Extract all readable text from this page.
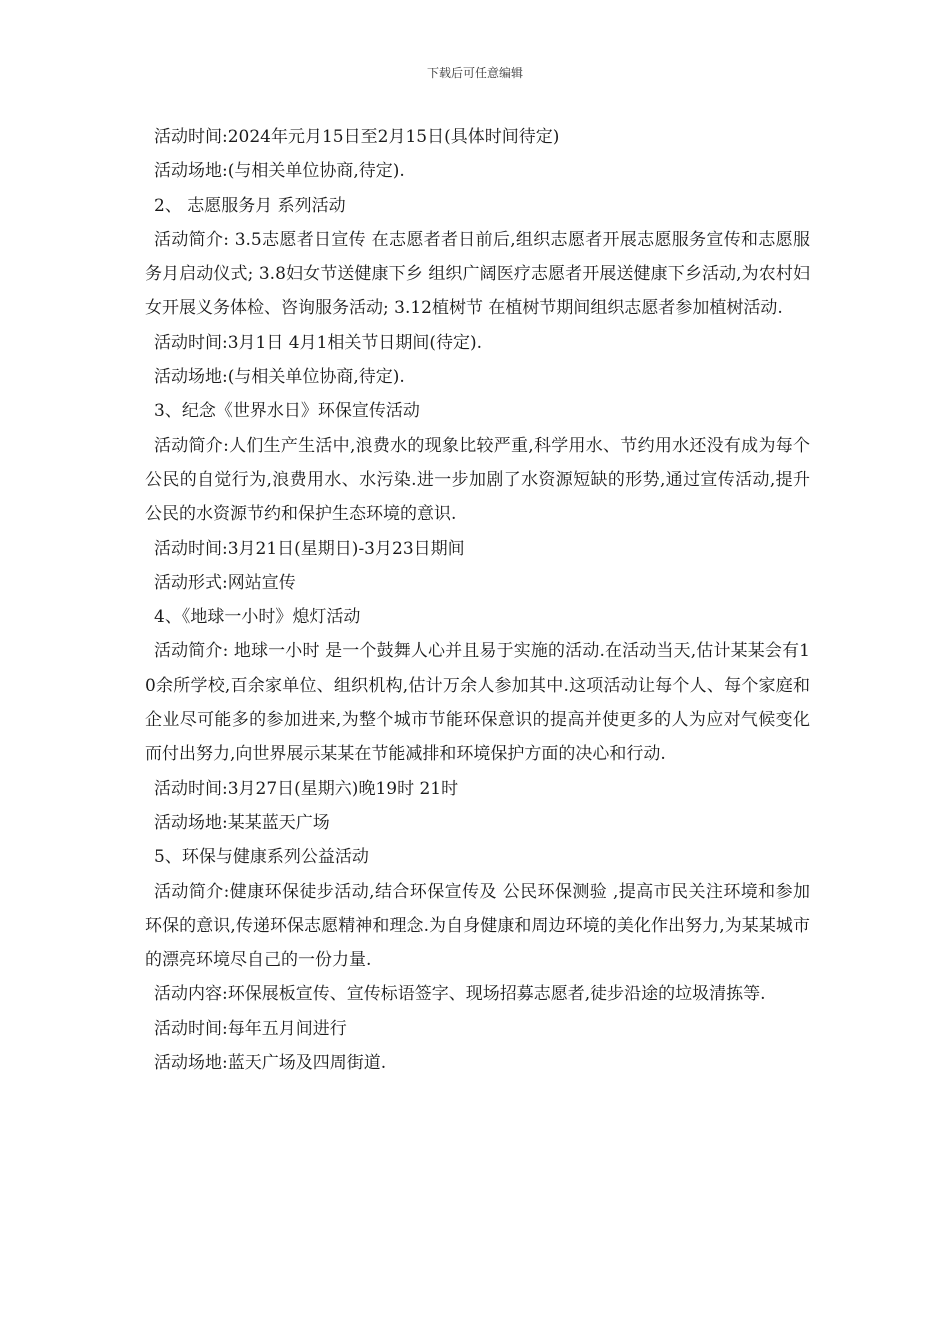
下载后可任意编辑

活动时间:2024年元月15日至2月15日(具体时间待定)

活动场地:(与相关单位协商,待定).

2、 志愿服务月 系列活动

活动简介: 3.5志愿者日宣传 在志愿者者日前后,组织志愿者开展志愿服务宣传和志愿服务月启动仪式; 3.8妇女节送健康下乡 组织广阔医疗志愿者开展送健康下乡活动,为农村妇女开展义务体检、咨询服务活动; 3.12植树节 在植树节期间组织志愿者参加植树活动.

活动时间:3月1日 4月1相关节日期间(待定).

活动场地:(与相关单位协商,待定).

3、纪念《世界水日》环保宣传活动

活动简介:人们生产生活中,浪费水的现象比较严重,科学用水、节约用水还没有成为每个公民的自觉行为,浪费用水、水污染.进一步加剧了水资源短缺的形势,通过宣传活动,提升公民的水资源节约和保护生态环境的意识.

活动时间:3月21日(星期日)-3月23日期间

活动形式:网站宣传

4、《地球一小时》熄灯活动

活动简介: 地球一小时 是一个鼓舞人心并且易于实施的活动.在活动当天,估计某某会有10余所学校,百余家单位、组织机构,估计万余人参加其中.这项活动让每个人、每个家庭和企业尽可能多的参加进来,为整个城市节能环保意识的提高并使更多的人为应对气候变化而付出努力,向世界展示某某在节能减排和环境保护方面的决心和行动.

活动时间:3月27日(星期六)晚19时 21时

活动场地:某某蓝天广场

5、环保与健康系列公益活动

活动简介:健康环保徒步活动,结合环保宣传及 公民环保测验 ,提高市民关注环境和参加环保的意识,传递环保志愿精神和理念.为自身健康和周边环境的美化作出努力,为某某城市的漂亮环境尽自己的一份力量.

活动内容:环保展板宣传、宣传标语签字、现场招募志愿者,徒步沿途的垃圾清拣等.

活动时间:每年五月间进行

活动场地:蓝天广场及四周街道.
